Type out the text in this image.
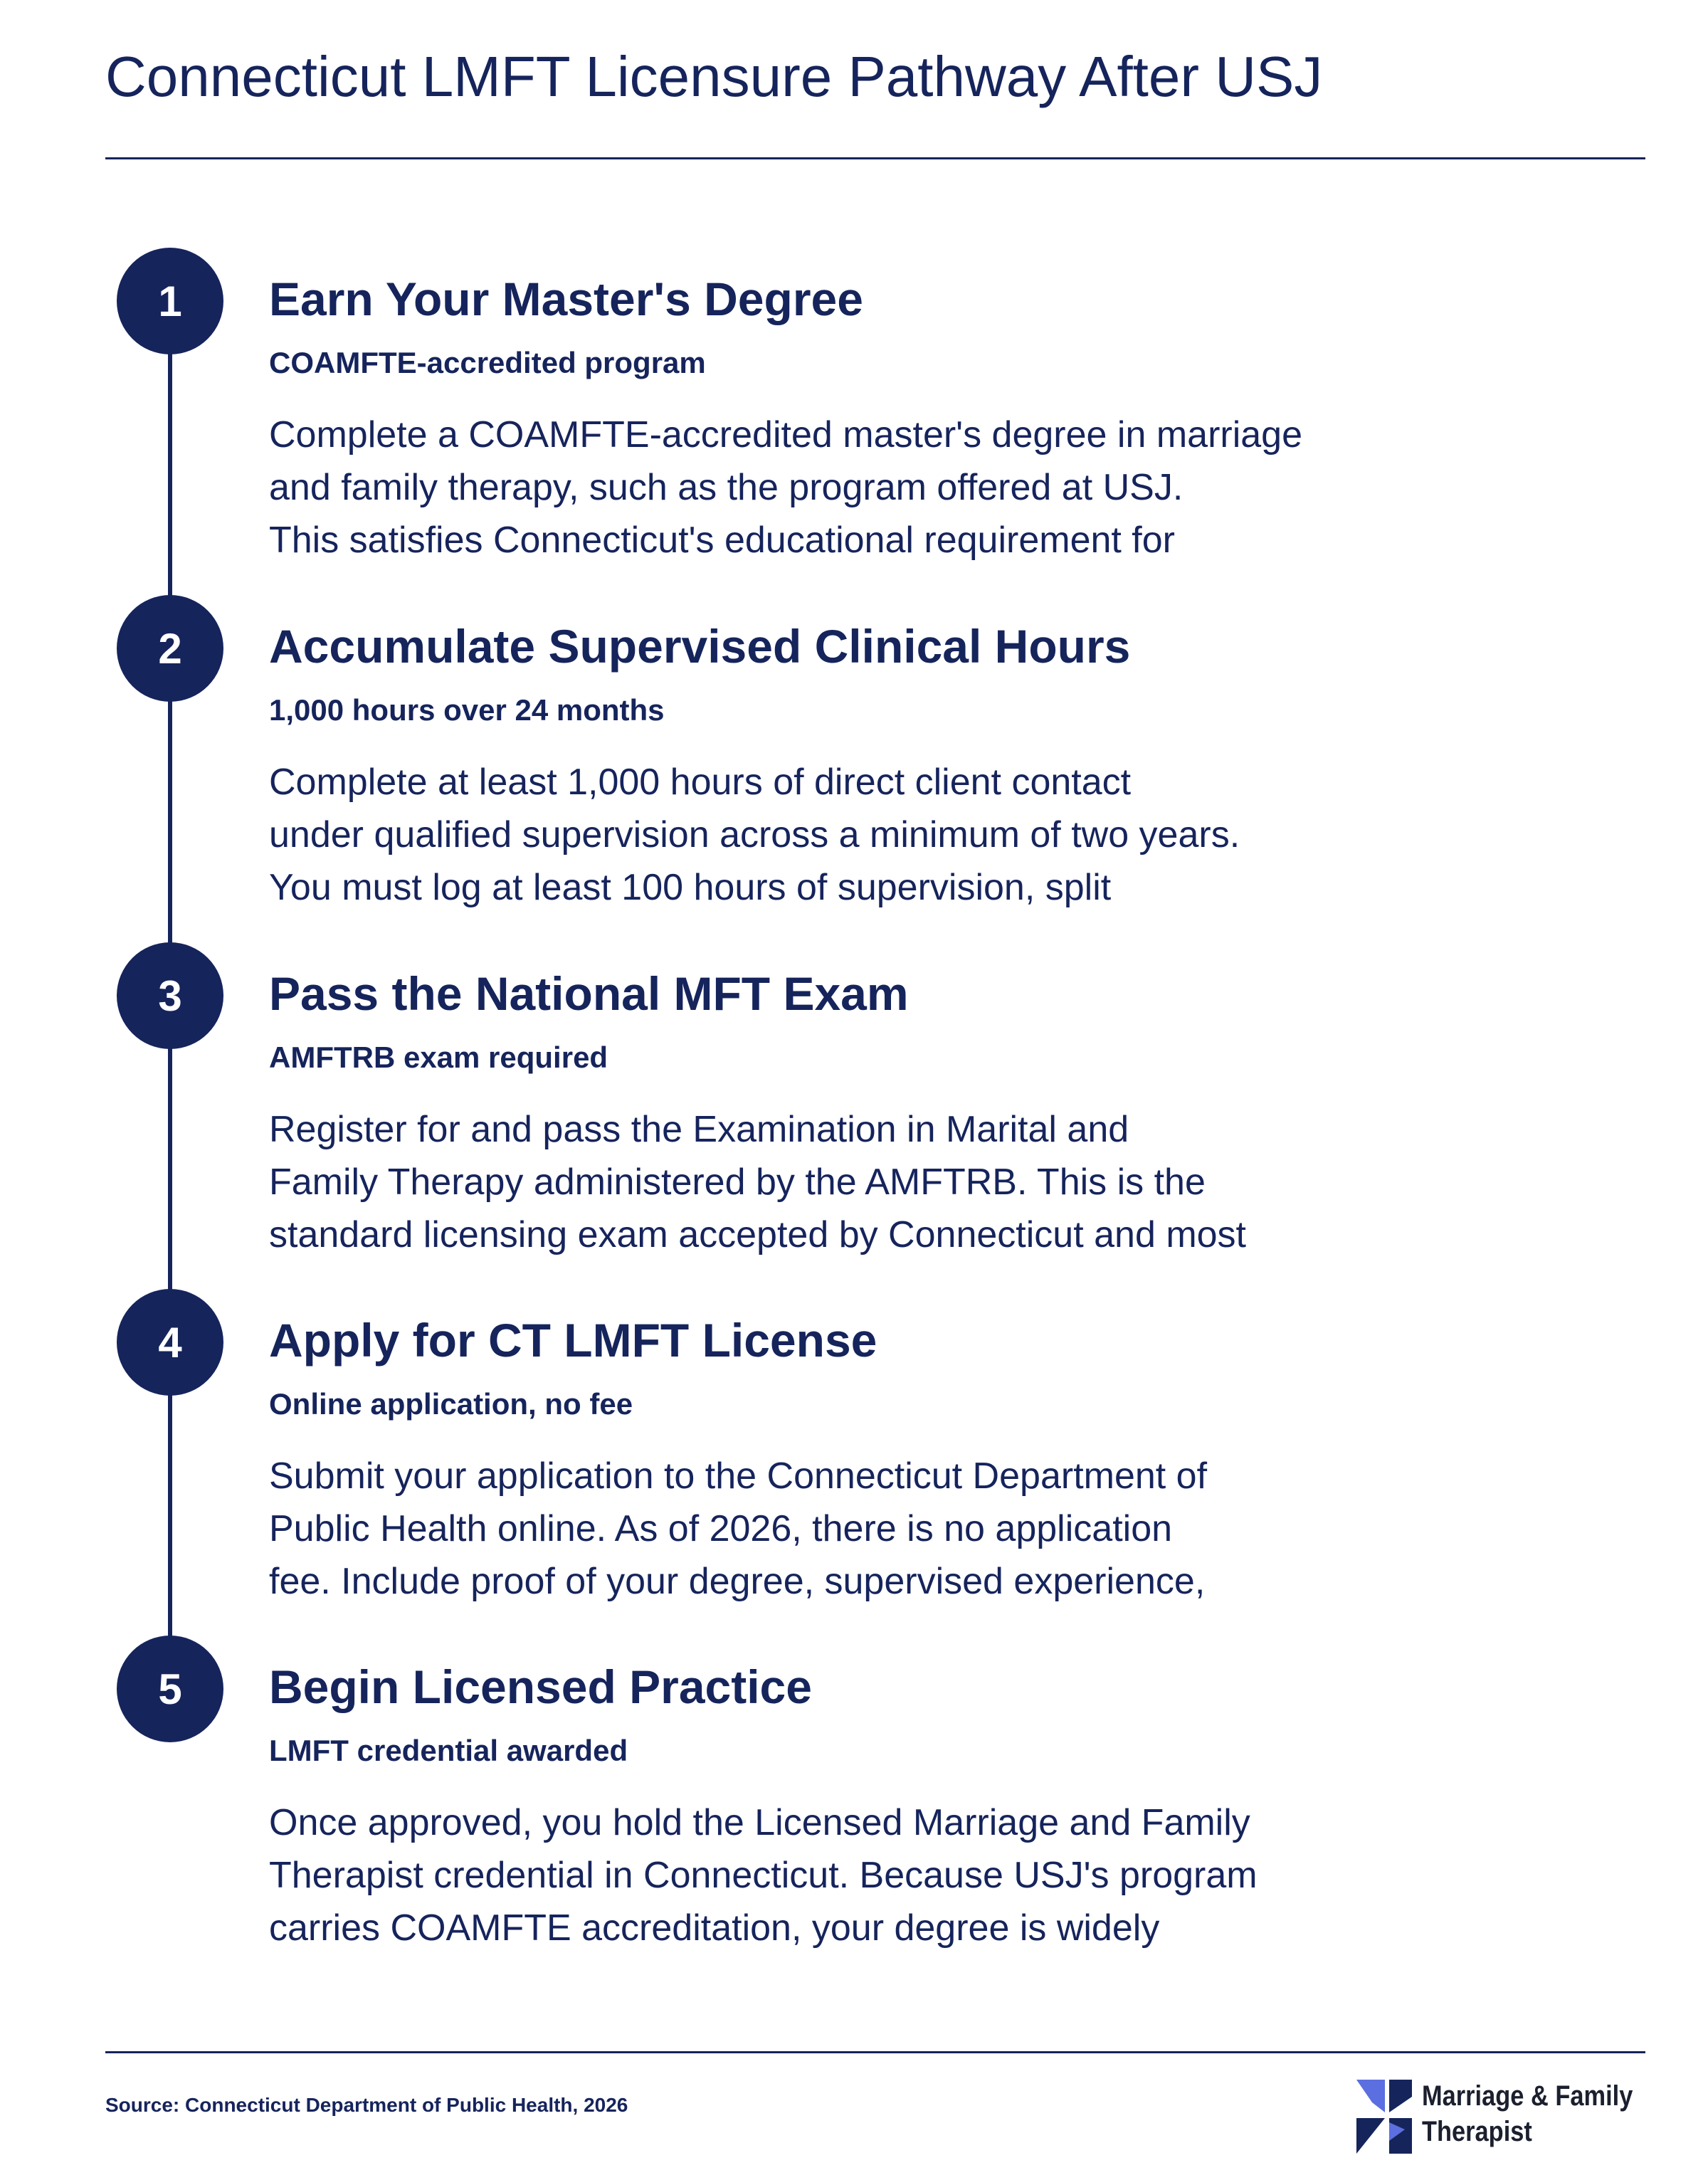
Connecticut LMFT Licensure Pathway After USJ
1	Earn Your Master's Degree
COAMFTE-accredited program
Complete a COAMFTE-accredited master's degree in marriage
and family therapy, such as the program offered at USJ.
This satisfies Connecticut's educational requirement for
2	Accumulate Supervised Clinical Hours
1,000 hours over 24 months
Complete at least 1,000 hours of direct client contact
under qualified supervision across a minimum of two years.
You must log at least 100 hours of supervision, split
3	Pass the National MFT Exam
AMFTRB exam required
Register for and pass the Examination in Marital and
Family Therapy administered by the AMFTRB. This is the
standard licensing exam accepted by Connecticut and most
4	Apply for CT LMFT License
Online application, no fee
Submit your application to the Connecticut Department of
Public Health online. As of 2026, there is no application
fee. Include proof of your degree, supervised experience,
5	Begin Licensed Practice
LMFT credential awarded
Once approved, you hold the Licensed Marriage and Family
Therapist credential in Connecticut. Because USJ's program
carries COAMFTE accreditation, your degree is widely
Source: Connecticut Department of Public Health, 2026	Marriage & Family
Therapist
